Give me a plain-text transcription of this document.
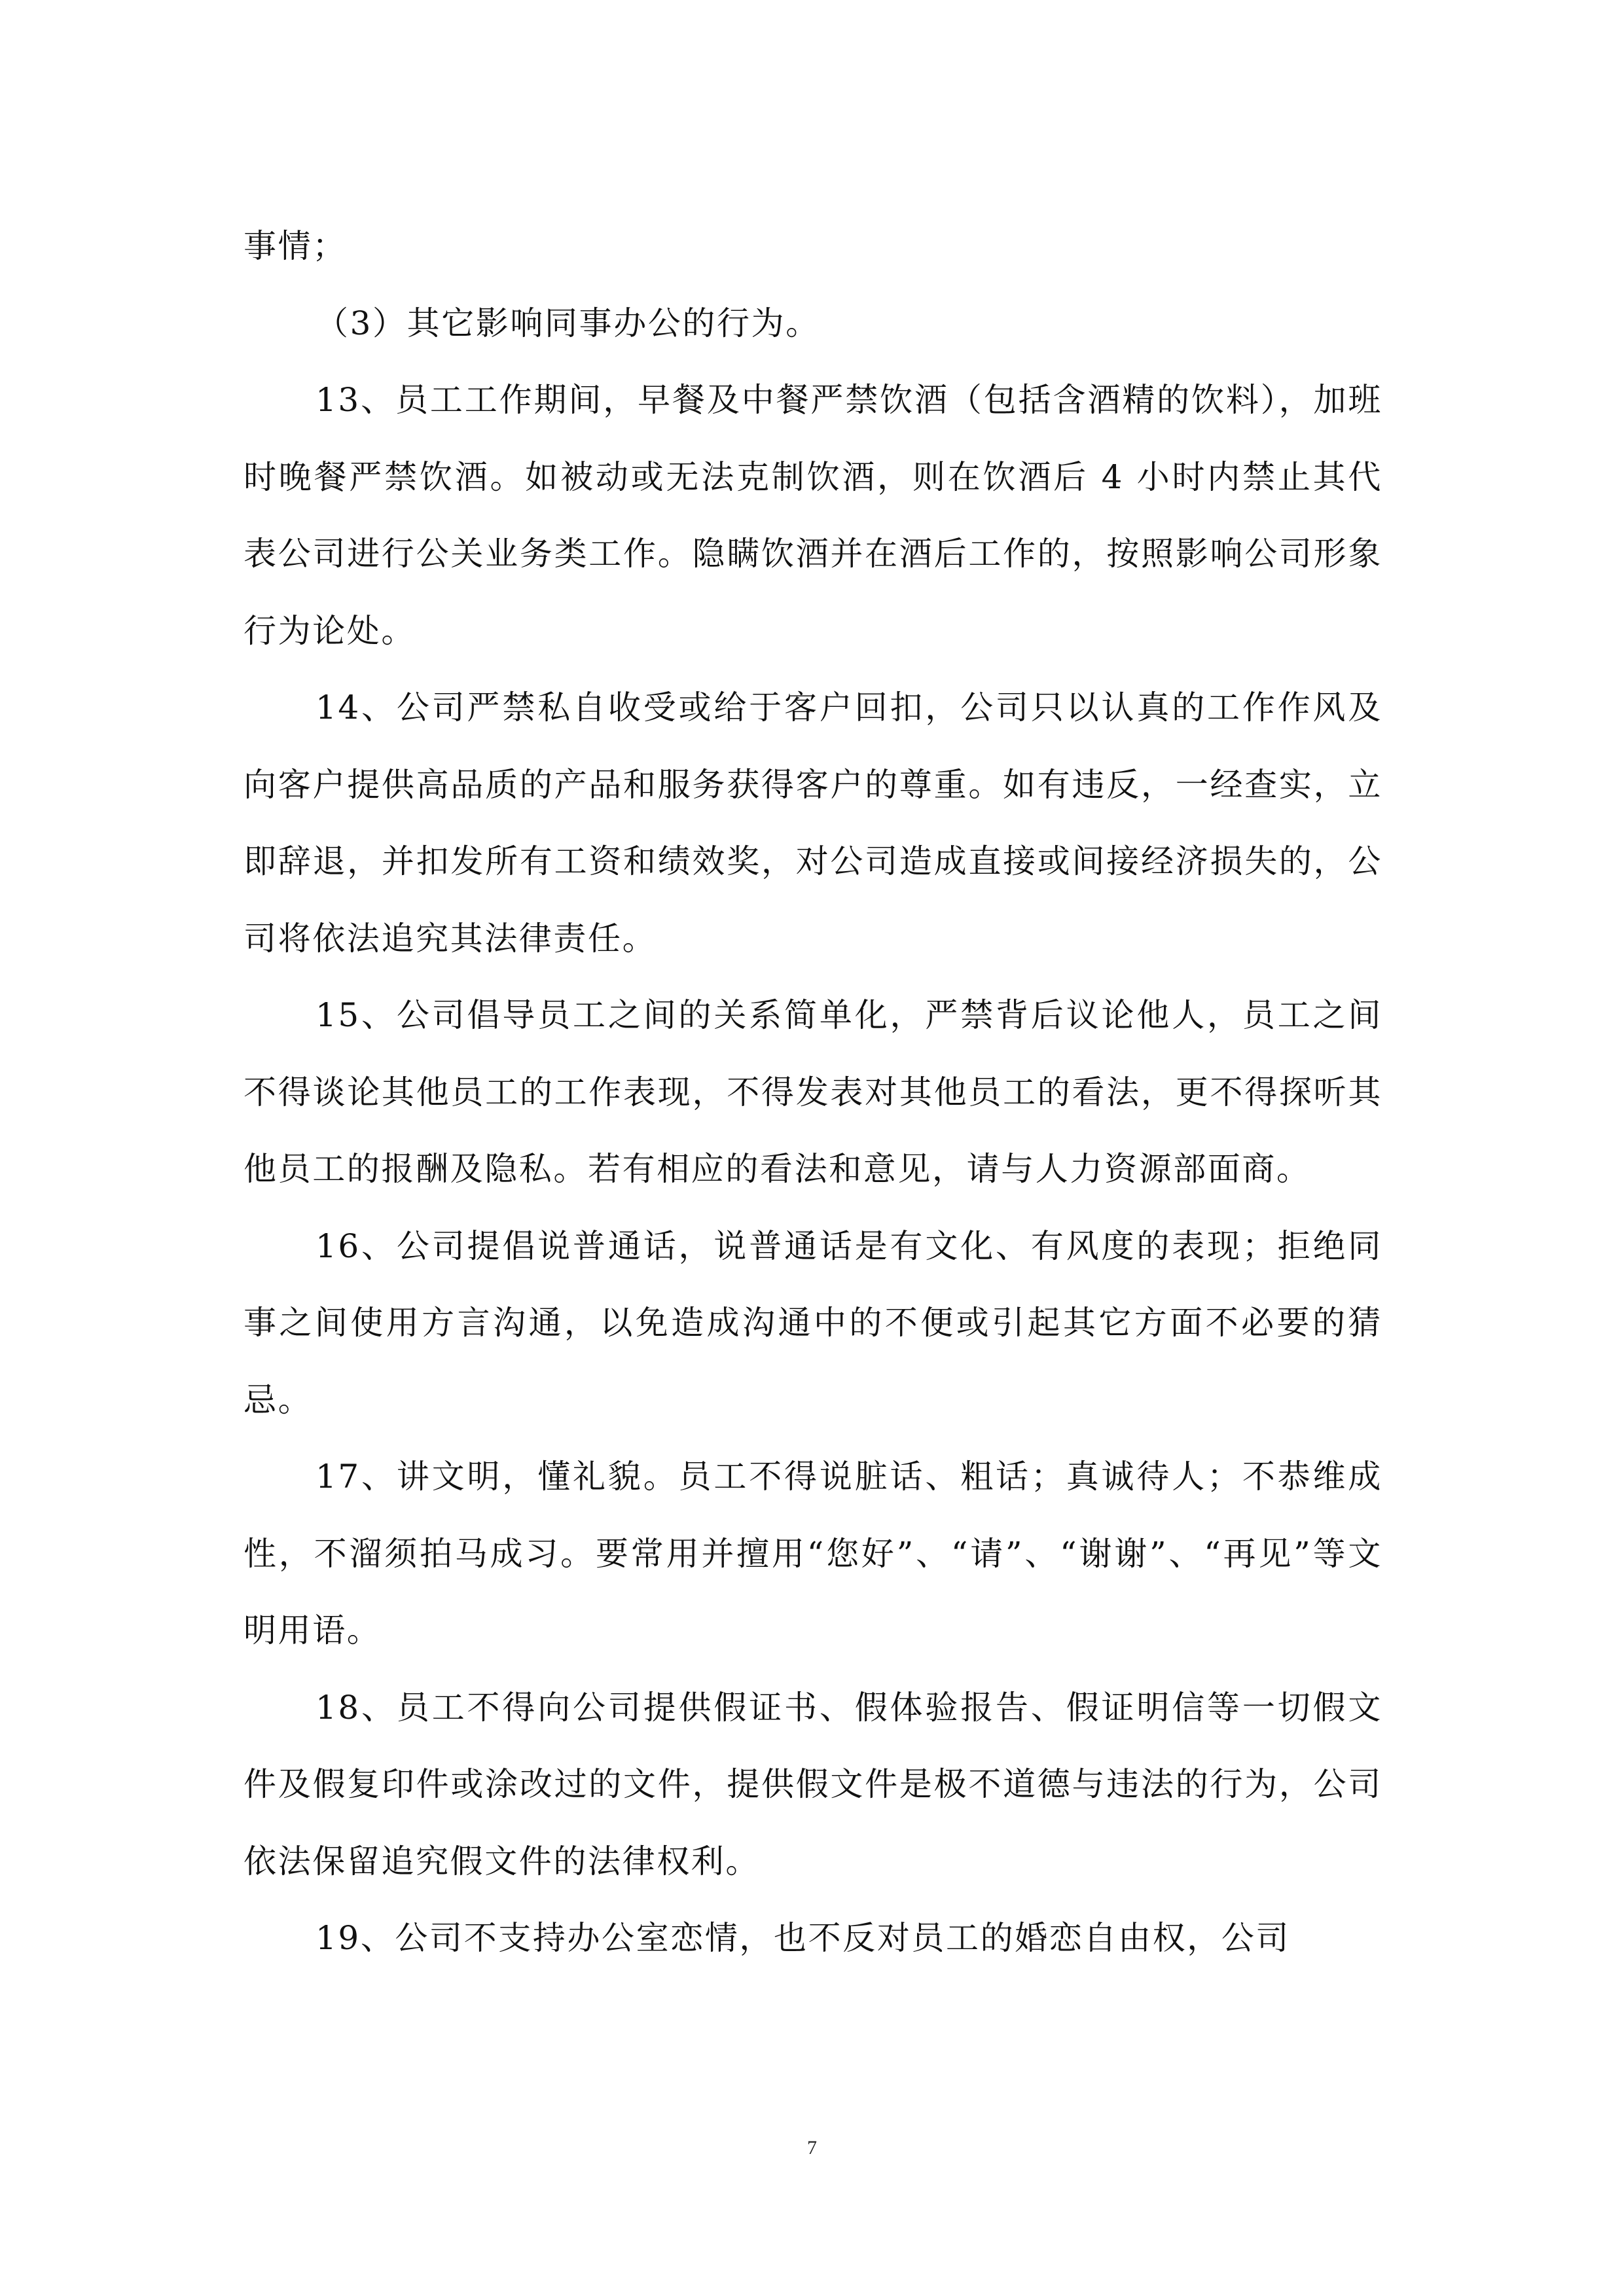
事情；

（3）其它影响同事办公的行为。

13、员工工作期间，早餐及中餐严禁饮酒（包括含酒精的饮料），加班时晚餐严禁饮酒。如被动或无法克制饮酒，则在饮酒后 4 小时内禁止其代表公司进行公关业务类工作。隐瞒饮酒并在酒后工作的，按照影响公司形象行为论处。

14、公司严禁私自收受或给于客户回扣，公司只以认真的工作作风及向客户提供高品质的产品和服务获得客户的尊重。如有违反，一经查实，立即辞退，并扣发所有工资和绩效奖，对公司造成直接或间接经济损失的，公司将依法追究其法律责任。

15、公司倡导员工之间的关系简单化，严禁背后议论他人，员工之间不得谈论其他员工的工作表现，不得发表对其他员工的看法，更不得探听其他员工的报酬及隐私。若有相应的看法和意见，请与人力资源部面商。

16、公司提倡说普通话，说普通话是有文化、有风度的表现；拒绝同事之间使用方言沟通，以免造成沟通中的不便或引起其它方面不必要的猜忌。

17、讲文明，懂礼貌。员工不得说脏话、粗话；真诚待人；不恭维成性，不溜须拍马成习。要常用并擅用“您好”、“请”、“谢谢”、“再见”等文明用语。

18、员工不得向公司提供假证书、假体验报告、假证明信等一切假文件及假复印件或涂改过的文件，提供假文件是极不道德与违法的行为，公司依法保留追究假文件的法律权利。

19、公司不支持办公室恋情，也不反对员工的婚恋自由权，公司

7
